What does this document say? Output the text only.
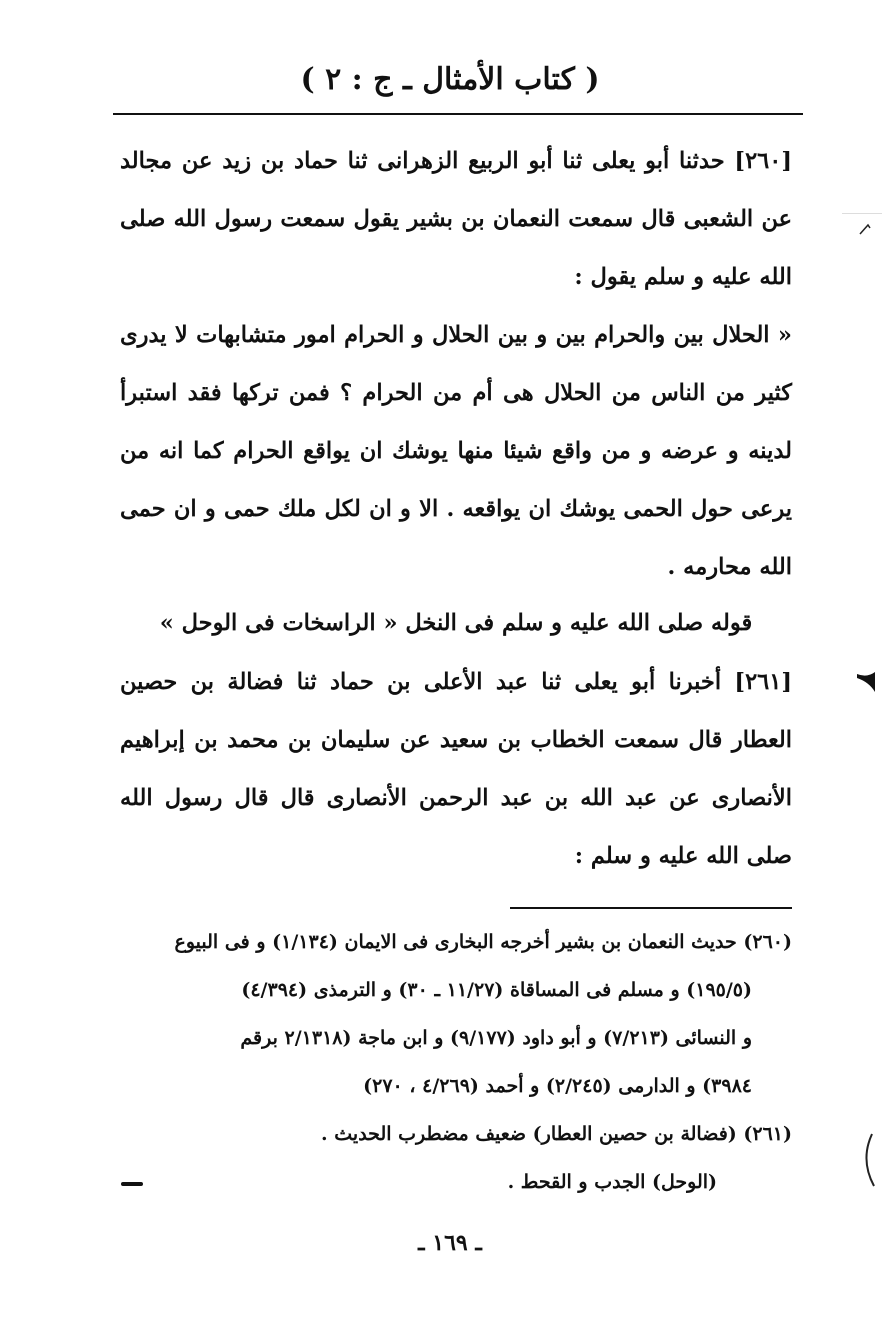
( كتاب الأمثال ـ ج : ٢ )

[٢٦٠] حدثنا أبو يعلى ثنا أبو الربيع الزهرانى ثنا حماد بن زيد عن مجالد عن الشعبى قال سمعت النعمان بن بشير يقول سمعت رسول الله صلى الله عليه و سلم يقول :

« الحلال بين والحرام بين و بين الحلال و الحرام امور متشابهات لا يدرى كثير من الناس من الحلال هى أم من الحرام ؟ فمن تركها فقد استبرأ لدينه و عرضه و من واقع شيئا منها يوشك ان يواقع الحرام كما انه من يرعى حول الحمى يوشك ان يواقعه . الا و ان لكل ملك حمى و ان حمى الله محارمه .

قوله صلى الله عليه و سلم فى النخل « الراسخات فى الوحل »

[٢٦١] أخبرنا أبو يعلى ثنا عبد الأعلى بن حماد ثنا فضالة بن حصين العطار قال سمعت الخطاب بن سعيد عن سليمان بن محمد بن إبراهيم الأنصارى عن عبد الله بن عبد الرحمن الأنصارى قال قال رسول الله صلى الله عليه و سلم :

(٢٦٠) حديث النعمان بن بشير أخرجه البخارى فى الايمان (١/١٣٤) و فى البيوع

(١٩٥/٥) و مسلم فى المساقاة (١١/٢٧ ـ ٣٠) و الترمذى (٤/٣٩٤)

و النسائى (٧/٢١٣) و أبو داود (٩/١٧٧) و ابن ماجة (٢/١٣١٨ برقم

٣٩٨٤) و الدارمى (٢/٢٤٥) و أحمد (٤/٢٦٩ ، ٢٧٠)

(٢٦١) (فضالة بن حصين العطار) ضعيف مضطرب الحديث .

(الوحل) الجدب و القحط .

ـ ١٦٩ ـ
